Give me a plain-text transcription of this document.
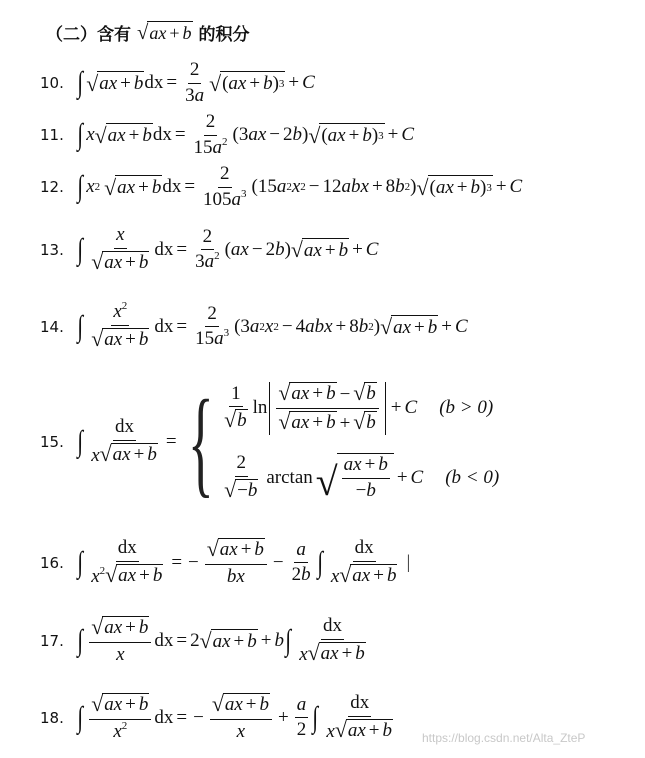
（二）含有 √ ax + b 的积分
10. ∫ √ ax + b dx = $\frac{2}{3a}$ √ ( ax + b ) 3 + C
11. ∫ x √ ax + b dx = $\frac{2}{15a^2}$ ( 3 ax − 2 b ) √ ( ax + b ) 3 + C
12. ∫ x 2 √ ax + b dx = $\frac{2}{105a^3}$ ( 15 a 2 x 2 − 12 abx + 8 b 2 ) √ ( ax + b ) 3 + C
13. ∫ $\frac{x}{√ ax + b}$ dx = $\frac{2}{3a^2}$ ( ax − 2 b ) √ ax + b + C
14. ∫ $\frac{x^2}{√ ax + b}$ dx = $\frac{2}{15a^3}$ ( 3 a 2 x 2 − 4 abx + 8 b 2 ) √ ax + b + C
15. ∫ $\frac{dx}{x √ ax + b}$ = { $\frac{1}{√ b}$ $\ln \frac{√ ax + b - √ b}{√ ax + b + √ b} + C$ (b > 0)
$\frac{2}{√ - b}$ arctan √ $\frac{ax + b}{-b} + C$ (b < 0)
16. ∫ $\frac{dx}{x^2 √ ax + b}$ = − $\frac{√ ax + b}{bx} - \frac{a}{2b}$ ∫ $\frac{dx}{x √ ax + b}$ |
17. ∫ $\frac{√ ax + b}{x}$ dx = 2 √ ax + b + b ∫ $\frac{dx}{x √ ax + b}$
18. ∫ $\frac{√ ax + b}{x^2}$ dx = − $\frac{√ ax + b}{x} + \frac{a}{2}$ ∫ $\frac{dx}{x √ ax + b}$ https://blog.csdn.net/Alta_ZteP
